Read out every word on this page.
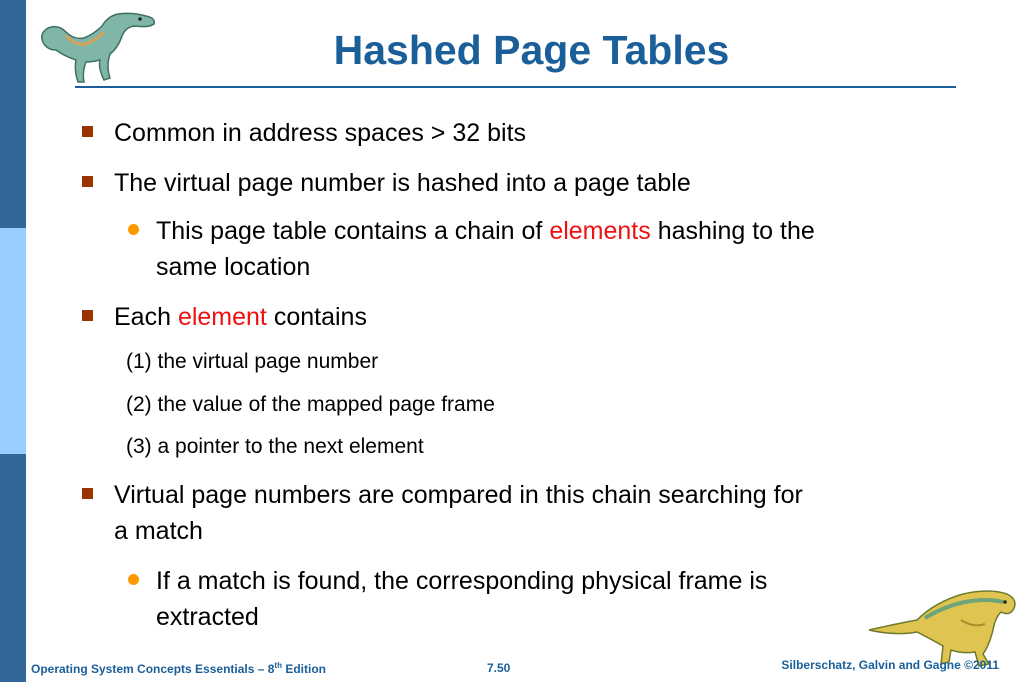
Hashed Page Tables
Common in address spaces > 32 bits
The virtual page number is hashed into a page table
This page table contains a chain of elements hashing to the
same location
Each element contains
(1) the virtual page number
(2) the value of the mapped page frame
(3) a pointer to the next element
Virtual page numbers are compared in this chain searching for
a match
If a match is found, the corresponding physical frame is
extracted
Operating System Concepts Essentials – 8th Edition	7.50	Silberschatz, Galvin and Gagne ©2011
